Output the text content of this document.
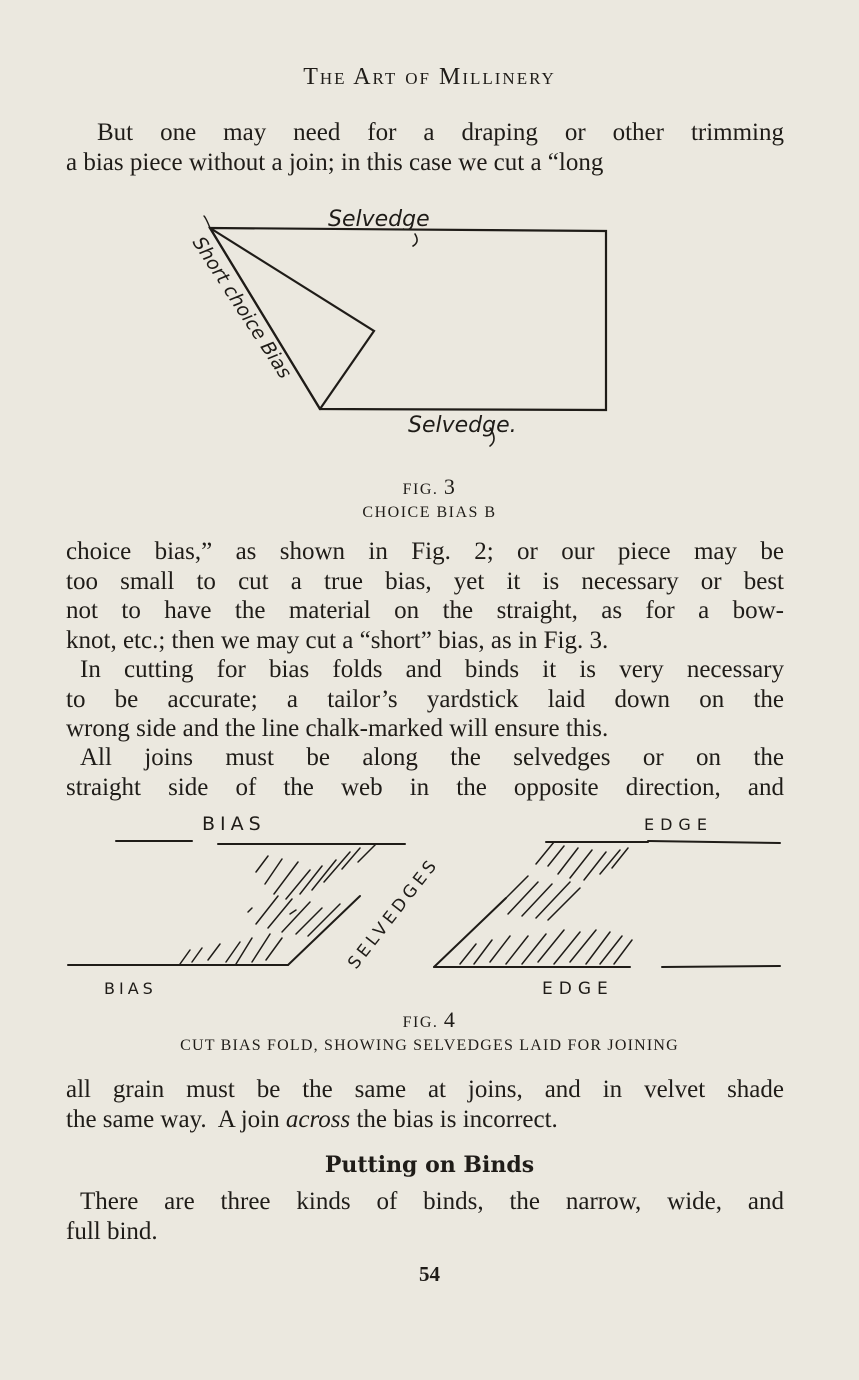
The Art of Millinery
But one may need for a draping or other trimming
a bias piece without a join; in this case we cut a “long
Selvedge
Selvedge.
Short choice Bias
FIG. 3
CHOICE BIAS B
choice bias,” as shown in Fig. 2; or our piece may be
too small to cut a true bias, yet it is necessary or best
not to have the material on the straight, as for a bow-
knot, etc.; then we may cut a “short” bias, as in Fig. 3.
In cutting for bias folds and binds it is very necessary
to be accurate; a tailor’s yardstick laid down on the
wrong side and the line chalk-marked will ensure this.
All joins must be along the selvedges or on the
straight side of the web in the opposite direction, and
BIAS	EDGE
SELVEDGES
BIAS	EDGE
FIG. 4
CUT BIAS FOLD, SHOWING SELVEDGES LAID FOR JOINING
all grain must be the same at joins, and in velvet shade
the same way.  A join across the bias is incorrect.
Putting on Binds
There are three kinds of binds, the narrow, wide, and
full bind.
54
